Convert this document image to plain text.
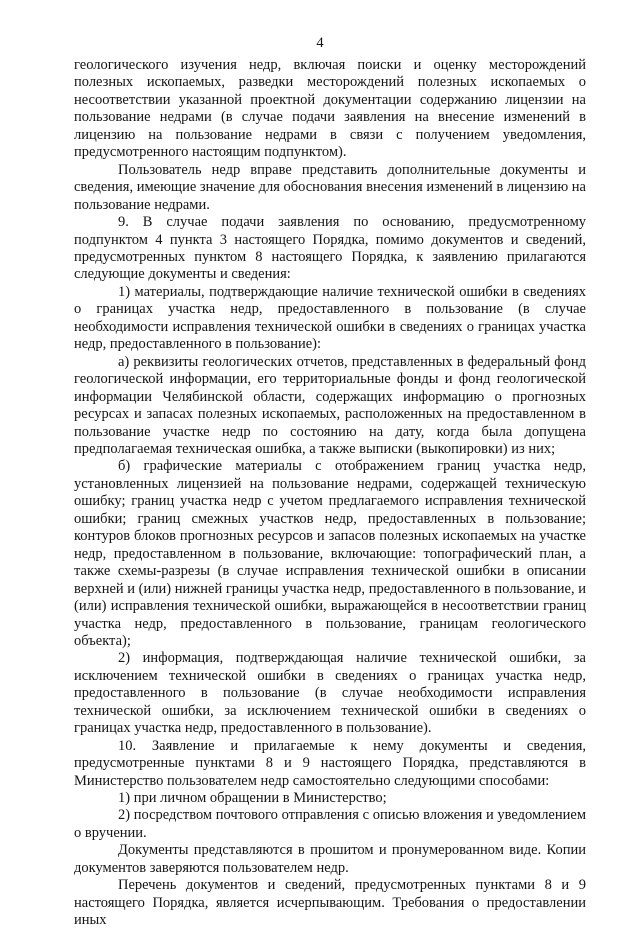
4

геологического изучения недр, включая поиски и оценку месторождений полезных ископаемых, разведки месторождений полезных ископаемых о несоответствии указанной проектной документации содержанию лицензии на пользование недрами (в случае подачи заявления на внесение изменений в лицензию на пользование недрами в связи с получением уведомления, предусмотренного настоящим подпунктом).

Пользователь недр вправе представить дополнительные документы и сведения, имеющие значение для обоснования внесения изменений в лицензию на пользование недрами.

9. В случае подачи заявления по основанию, предусмотренному подпунктом 4 пункта 3 настоящего Порядка, помимо документов и сведений, предусмотренных пунктом 8 настоящего Порядка, к заявлению прилагаются следующие документы и сведения:

1) материалы, подтверждающие наличие технической ошибки в сведениях о границах участка недр, предоставленного в пользование (в случае необходимости исправления технической ошибки в сведениях о границах участка недр, предоставленного в пользование):

а) реквизиты геологических отчетов, представленных в федеральный фонд геологической информации, его территориальные фонды и фонд геологической информации Челябинской области, содержащих информацию о прогнозных ресурсах и запасах полезных ископаемых, расположенных на предоставленном в пользование участке недр по состоянию на дату, когда была допущена предполагаемая техническая ошибка, а также выписки (выкопировки) из них;

б) графические материалы с отображением границ участка недр, установленных лицензией на пользование недрами, содержащей техническую ошибку; границ участка недр с учетом предлагаемого исправления технической ошибки; границ смежных участков недр, предоставленных в пользование; контуров блоков прогнозных ресурсов и запасов полезных ископаемых на участке недр, предоставленном в пользование, включающие: топографический план, а также схемы-разрезы (в случае исправления технической ошибки в описании верхней и (или) нижней границы участка недр, предоставленного в пользование, и (или) исправления технической ошибки, выражающейся в несоответствии границ участка недр, предоставленного в пользование, границам геологического объекта);

2) информация, подтверждающая наличие технической ошибки, за исключением технической ошибки в сведениях о границах участка недр, предоставленного в пользование (в случае необходимости исправления технической ошибки, за исключением технической ошибки в сведениях о границах участка недр, предоставленного в пользование).

10. Заявление и прилагаемые к нему документы и сведения, предусмотренные пунктами 8 и 9 настоящего Порядка, представляются в Министерство пользователем недр самостоятельно следующими способами:

1) при личном обращении в Министерство;

2) посредством почтового отправления с описью вложения и уведомлением о вручении.

Документы представляются в прошитом и пронумерованном виде. Копии документов заверяются пользователем недр.

Перечень документов и сведений, предусмотренных пунктами 8 и 9 настоящего Порядка, является исчерпывающим. Требования о предоставлении иных
